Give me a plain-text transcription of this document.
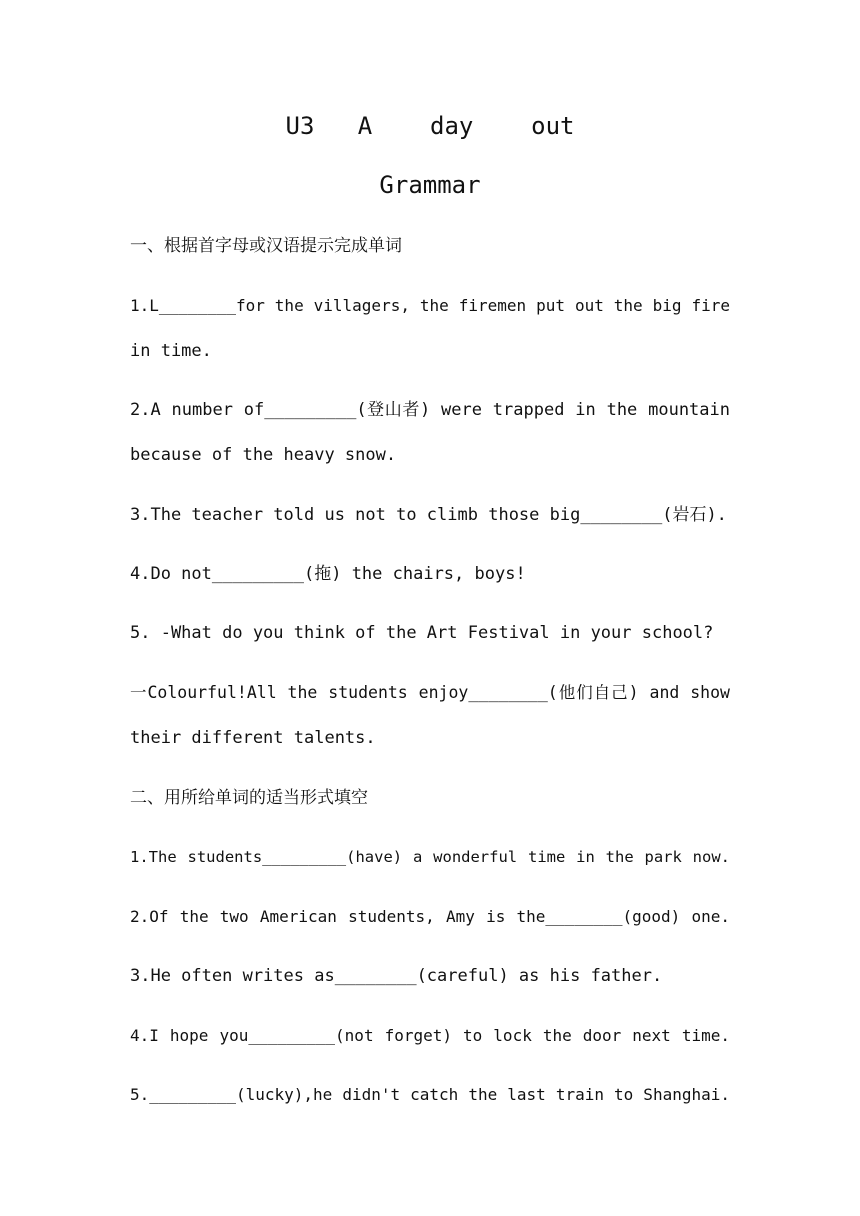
U3   A    day    out
Grammar
一、根据首字母或汉语提示完成单词
1.L________for the villagers, the firemen put out the big fire
in time.
2.A number of_________(登山者) were trapped in the mountain
because of the heavy snow.
3.The teacher told us not to climb those big________(岩石).
4.Do not_________(拖) the chairs, boys!
5. -What do you think of the Art Festival in your school?
一Colourful!All the students enjoy________(他们自己) and show
their different talents.
二、用所给单词的适当形式填空
1.The students_________(have) a wonderful time in the park now.
2.Of the two American students, Amy is the________(good) one.
3.He often writes as________(careful) as his father.
4.I hope you_________(not forget) to lock the door next time.
5._________(lucky),he didn't catch the last train to Shanghai.
